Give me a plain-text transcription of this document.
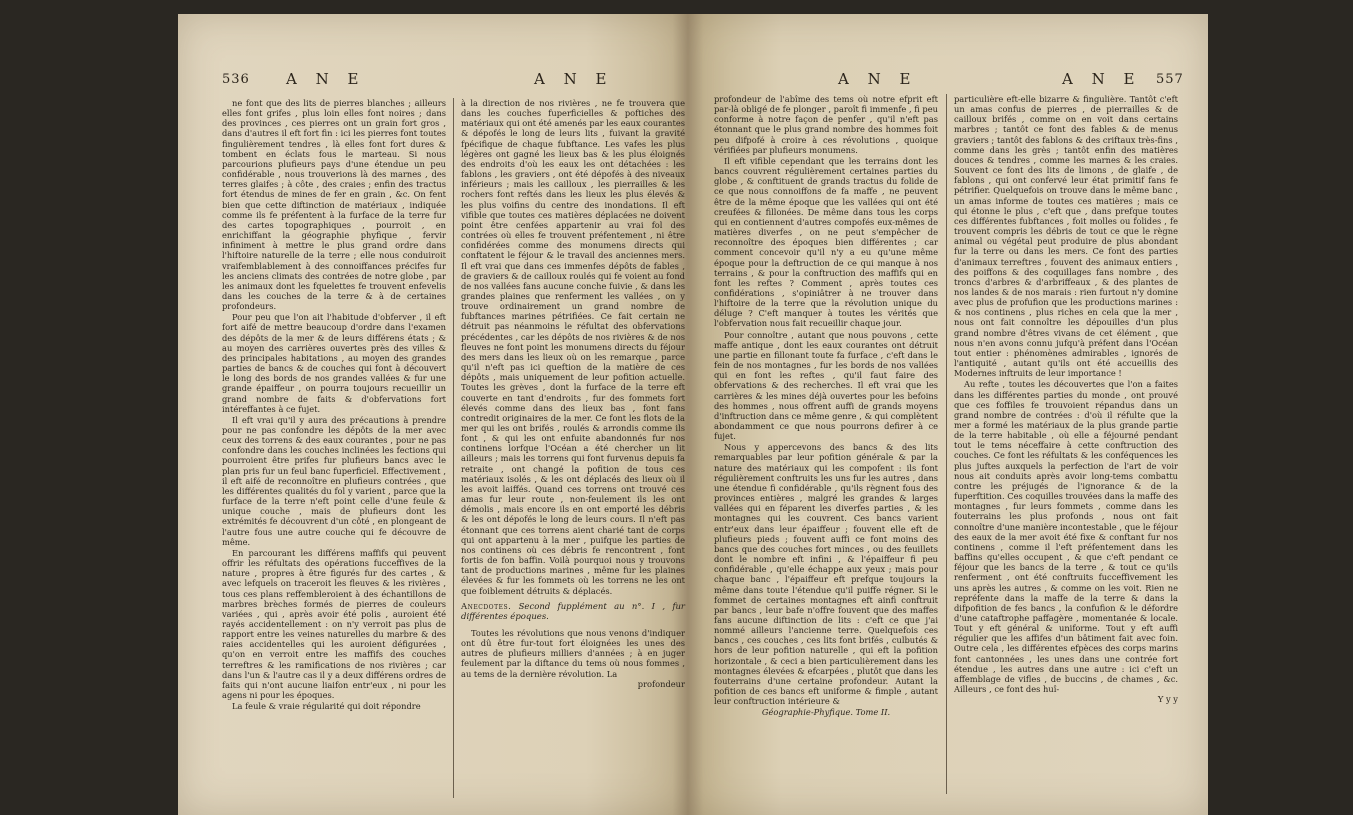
536 A N E	A N E

ne font que des lits de pierres blanches ; ailleurs elles font grifes , plus loin elles font noires ; dans des provinces , ces pierres ont un grain fort gros , dans d'autres il eft fort fin : ici les pierres font toutes fingulièrement tendres , là elles font fort dures & tombent en éclats fous le marteau. Si nous parcourions plufieurs pays d'une étendue un peu confidérable , nous trouverions là des marnes , des terres glaifes ; à côte , des craies ; enfin des tractus fort étendus de mines de fer en grain , &c. On fent bien que cette diftinction de matériaux , indiquée comme ils fe préfentent à la furface de la terre fur des cartes topographiques , pourroit , en enrichiffant la géographie phyfique , fervir infiniment à mettre le plus grand ordre dans l'hiftoire naturelle de la terre ; elle nous conduiroit vraifemblablement à des connoiffances précifes fur les anciens climats des contrées de notre globe , par les animaux dont les fquelettes fe trouvent enfevelis dans les couches de la terre & à de certaines profondeurs.

Pour peu que l'on ait l'habitude d'obferver , il eft fort aifé de mettre beaucoup d'ordre dans l'examen des dépôts de la mer & de leurs différens états ; & au moyen des carrières ouvertes près des villes & des principales habitations , au moyen des grandes parties de bancs & de couches qui font à découvert le long des bords de nos grandes vallées & fur une grande épaiffeur , on pourra toujours recueillir un grand nombre de faits & d'obfervations fort intéreffantes à ce fujet.

Il eft vrai qu'il y aura des précautions à prendre pour ne pas confondre les dépôts de la mer avec ceux des torrens & des eaux courantes , pour ne pas confondre dans les couches inclinées les fections qui pourroient être prifes fur plufieurs bancs avec le plan pris fur un feul banc fuperficiel. Effectivement , il eft aifé de reconnoître en plufieurs contrées , que les différentes qualités du fol y varient , parce que la furface de la terre n'eft point celle d'une feule & unique couche , mais de plufieurs dont les extrémités fe découvrent d'un côté , en plongeant de l'autre fous une autre couche qui fe découvre de même.

En parcourant les différens maffifs qui peuvent offrir les réfultats des opérations fucceffives de la nature , propres à être figurés fur des cartes , & avec lefquels on traceroit les fleuves & les rivières , tous ces plans reffembleroient à des échantillons de marbres brèches formés de pierres de couleurs variées , qui , après avoir été polis , auroient été rayés accidentellement : on n'y verroit pas plus de rapport entre les veines naturelles du marbre & des raies accidentelles qui les auroient défigurées , qu'on en verroit entre les maffifs des couches terreftres & les ramifications de nos rivières ; car dans l'un & l'autre cas il y a deux différens ordres de faits qui n'ont aucune liaifon entr'eux , ni pour les agens ni pour les époques.

La feule & vraie régularité qui doit répondre

à la direction de nos rivières , ne fe trouvera que dans les couches fuperficielles & poftiches des matériaux qui ont été amenés par les eaux courantes & dépofés le long de leurs lits , fuivant la gravité fpécifique de chaque fubftance. Les vafes les plus légères ont gagné les lieux bas & les plus éloignés des endroits d'où les eaux les ont détachées : les fablons , les graviers , ont été dépofés à des niveaux inférieurs ; mais les cailloux , les pierrailles & les rochers font reftés dans les lieux les plus élevés & les plus voifins du centre des inondations. Il eft vifible que toutes ces matières déplacées ne doivent point être cenfées appartenir au vrai fol des contrées où elles fe trouvent préfentement , ni être confidérées comme des monumens directs qui conftatent le féjour & le travail des anciennes mers. Il eft vrai que dans ces immenfes dépôts de fables , de graviers & de cailloux roulés qui fe voient au fond de nos vallées fans aucune conche fuivie , & dans les grandes plaines que renferment les vallées , on y trouve ordinairement un grand nombre de fubftances marines pétrifiées. Ce fait certain ne détruit pas néanmoins le réfultat des obfervations précédentes , car les dépôts de nos rivières & de nos fleuves ne font point les monumens directs du féjour des mers dans les lieux où on les remarque , parce qu'il n'eft pas ici queftion de la matière de ces dépôts , mais uniquement de leur pofition actuelle. Toutes les grèves , dont la furface de la terre eft couverte en tant d'endroits , fur des fommets fort élevés comme dans des lieux bas , font fans contredit originaires de la mer. Ce font les flots de la mer qui les ont brifés , roulés & arrondis comme ils font , & qui les ont enfuite abandonnés fur nos continens lorfque l'Océan a été chercher un lit ailleurs ; mais les torrens qui font furvenus depuis fa retraite , ont changé la pofition de tous ces matériaux isolés , & les ont déplacés des lieux où il les avoit laiffés. Quand ces torrens ont trouvé ces amas fur leur route , non-feulement ils les ont démolis , mais encore ils en ont emporté les débris & les ont dépofés le long de leurs cours. Il n'eft pas étonnant que ces torrens aient charié tant de corps qui ont appartenu à la mer , puifque les parties de nos continens où ces débris fe rencontrent , font fortis de fon baffin. Voilà pourquoi nous y trouvons tant de productions marines , même fur les plaines élevées & fur les fommets où les torrens ne les ont que foiblement détruits & déplacés.

Anecdotes. Second fupplément au n°. I , fur différentes époques.

Toutes les révolutions que nous venons d'indiquer ont dû être fur-tout fort éloignées les unes des autres de plufieurs milliers d'années ; à en juger feulement par la diftance du tems où nous fommes , au tems de la dernière révolution. La

profondeur
A N E	A N E 557

profondeur de l'abîme des tems où notre efprit eft par-là obligé de fe plonger , paroît fi immenfe , fi peu conforme à notre façon de penfer , qu'il n'eft pas étonnant que le plus grand nombre des hommes foit peu difpofé à croire à ces révolutions , quoique vérifiées par plufieurs monumens.

Il eft vifible cependant que les terrains dont les bancs couvrent régulièrement certaines parties du globe , & conftituent de grands tractus du folide de ce que nous connoiffons de fa maffe , ne peuvent être de la même époque que les vallées qui ont été creufées & fillonées. De même dans tous les corps qui en contiennent d'autres compofés eux-mêmes de matières diverfes , on ne peut s'empêcher de reconnoître des époques bien différentes ; car comment concevoir qu'il n'y a eu qu'une même époque pour la deftruction de ce qui manque à nos terrains , & pour la conftruction des maffifs qui en font les reftes ? Comment , après toutes ces confidérations , s'opiniâtrer à ne trouver dans l'hiftoire de la terre que la révolution unique du déluge ? C'eft manquer à toutes les vérités que l'obfervation nous fait recueillir chaque jour.

Pour connoître , autant que nous pouvons , cette maffe antique , dont les eaux courantes ont détruit une partie en fillonant toute fa furface , c'eft dans le fein de nos montagnes , fur les bords de nos vallées qui en font les reftes , qu'il faut faire des obfervations & des recherches. Il eft vrai que les carrières & les mines déjà ouvertes pour les befoins des hommes , nous offrent auffi de grands moyens d'inftruction dans ce même genre , & qui complètent abondamment ce que nous pourrons defirer à ce fujet.

Nous y appercevons des bancs & des lits remarquables par leur pofition générale & par la nature des matériaux qui les compofent : ils font régulièrement conftruits les uns fur les autres , dans une étendue fi confidérable , qu'ils règnent fous des provinces entières , malgré les grandes & larges vallées qui en féparent les diverfes parties , & les montagnes qui les couvrent. Ces bancs varient entr'eux dans leur épaiffeur ; fouvent elle eft de plufieurs pieds ; fouvent auffi ce font moins des bancs que des couches fort minces , ou des feuillets dont le nombre eft infini , & l'épaiffeur fi peu confidérable , qu'elle échappe aux yeux ; mais pour chaque banc , l'épaiffeur eft prefque toujours la même dans toute l'étendue qu'il puiffe régner. Si le fommet de certaines montagnes eft ainfi conftruit par bancs , leur bafe n'offre fouvent que des maffes fans aucune diftinction de lits : c'eft ce que j'ai nommé ailleurs l'ancienne terre. Quelquefois ces bancs , ces couches , ces lits font brifés , culbutés & hors de leur pofition naturelle , qui eft la pofition horizontale , & ceci a bien particulièrement dans les montagnes élevées & efcarpées , plutôt que dans les fouterrains d'une certaine profondeur. Autant la pofition de ces bancs eft uniforme & fimple , autant leur conftruction intérieure &

Géographie-Phyfique. Tome II.

particulière eft-elle bizarre & fingulière. Tantôt c'eft un amas confus de pierres , de pierrailles & de cailloux brifés , comme on en voit dans certains marbres ; tantôt ce font des fables & de menus graviers ; tantôt des fablons & des criftaux très-fins , comme dans les grès ; tantôt enfin des matières douces & tendres , comme les marnes & les craies. Souvent ce font des lits de limons , de glaife , de fablons , qui ont confervé leur état primitif fans fe pétrifier. Quelquefois on trouve dans le même banc , un amas informe de toutes ces matières ; mais ce qui étonne le plus , c'eft que , dans prefque toutes ces différentes fubftances , foit molles ou folides , fe trouvent compris les débris de tout ce que le règne animal ou végétal peut produire de plus abondant fur la terre ou dans les mers. Ce font des parties d'animaux terreftres , fouvent des animaux entiers , des poiffons & des coquillages fans nombre , des troncs d'arbres & d'arbriffeaux , & des plantes de nos landes & de nos marais : rien furtout n'y domine avec plus de profufion que les productions marines : & nos continens , plus riches en cela que la mer , nous ont fait connoître les dépouilles d'un plus grand nombre d'êtres vivans de cet élément , que nous n'en avons connu jufqu'à préfent dans l'Océan tout entier : phénomènes admirables , ignorés de l'antiquité , autant qu'ils ont été accueillis des Modernes inftruits de leur importance !

Au refte , toutes les découvertes que l'on a faites dans les différentes parties du monde , ont prouvé que ces foffiles fe trouvoient répandus dans un grand nombre de contrées : d'où il réfulte que la mer a formé les matériaux de la plus grande partie de la terre habitable , où elle a féjourné pendant tout le tems néceffaire à cette conftruction des couches. Ce font les réfultats & les conféquences les plus juftes auxquels la perfection de l'art de voir nous ait conduits après avoir long-tems combattu contre les préjugés de l'ignorance & de la fuperftition. Ces coquilles trouvées dans la maffe des montagnes , fur leurs fommets , comme dans les fouterrains les plus profonds , nous ont fait connoître d'une manière incontestable , que le féjour des eaux de la mer avoit été fixe & conftant fur nos continens , comme il l'eft préfentement dans les baffins qu'elles occupent , & que c'eft pendant ce féjour que les bancs de la terre , & tout ce qu'ils renferment , ont été conftruits fucceffivement les uns après les autres , & comme on les voit. Rien ne repréfente dans la maffe de la terre & dans la difpofition de fes bancs , la confufion & le défordre d'une cataftrophe paffagère , momentanée & locale. Tout y eft général & uniforme. Tout y eft auffi régulier que les affifes d'un bâtiment fait avec foin. Outre cela , les différentes efpèces des corps marins font cantonnées , les unes dans une contrée fort étendue , les autres dans une autre : ici c'eft un affemblage de vifles , de buccins , de chames , &c. Ailleurs , ce font des huî-

Y y y
